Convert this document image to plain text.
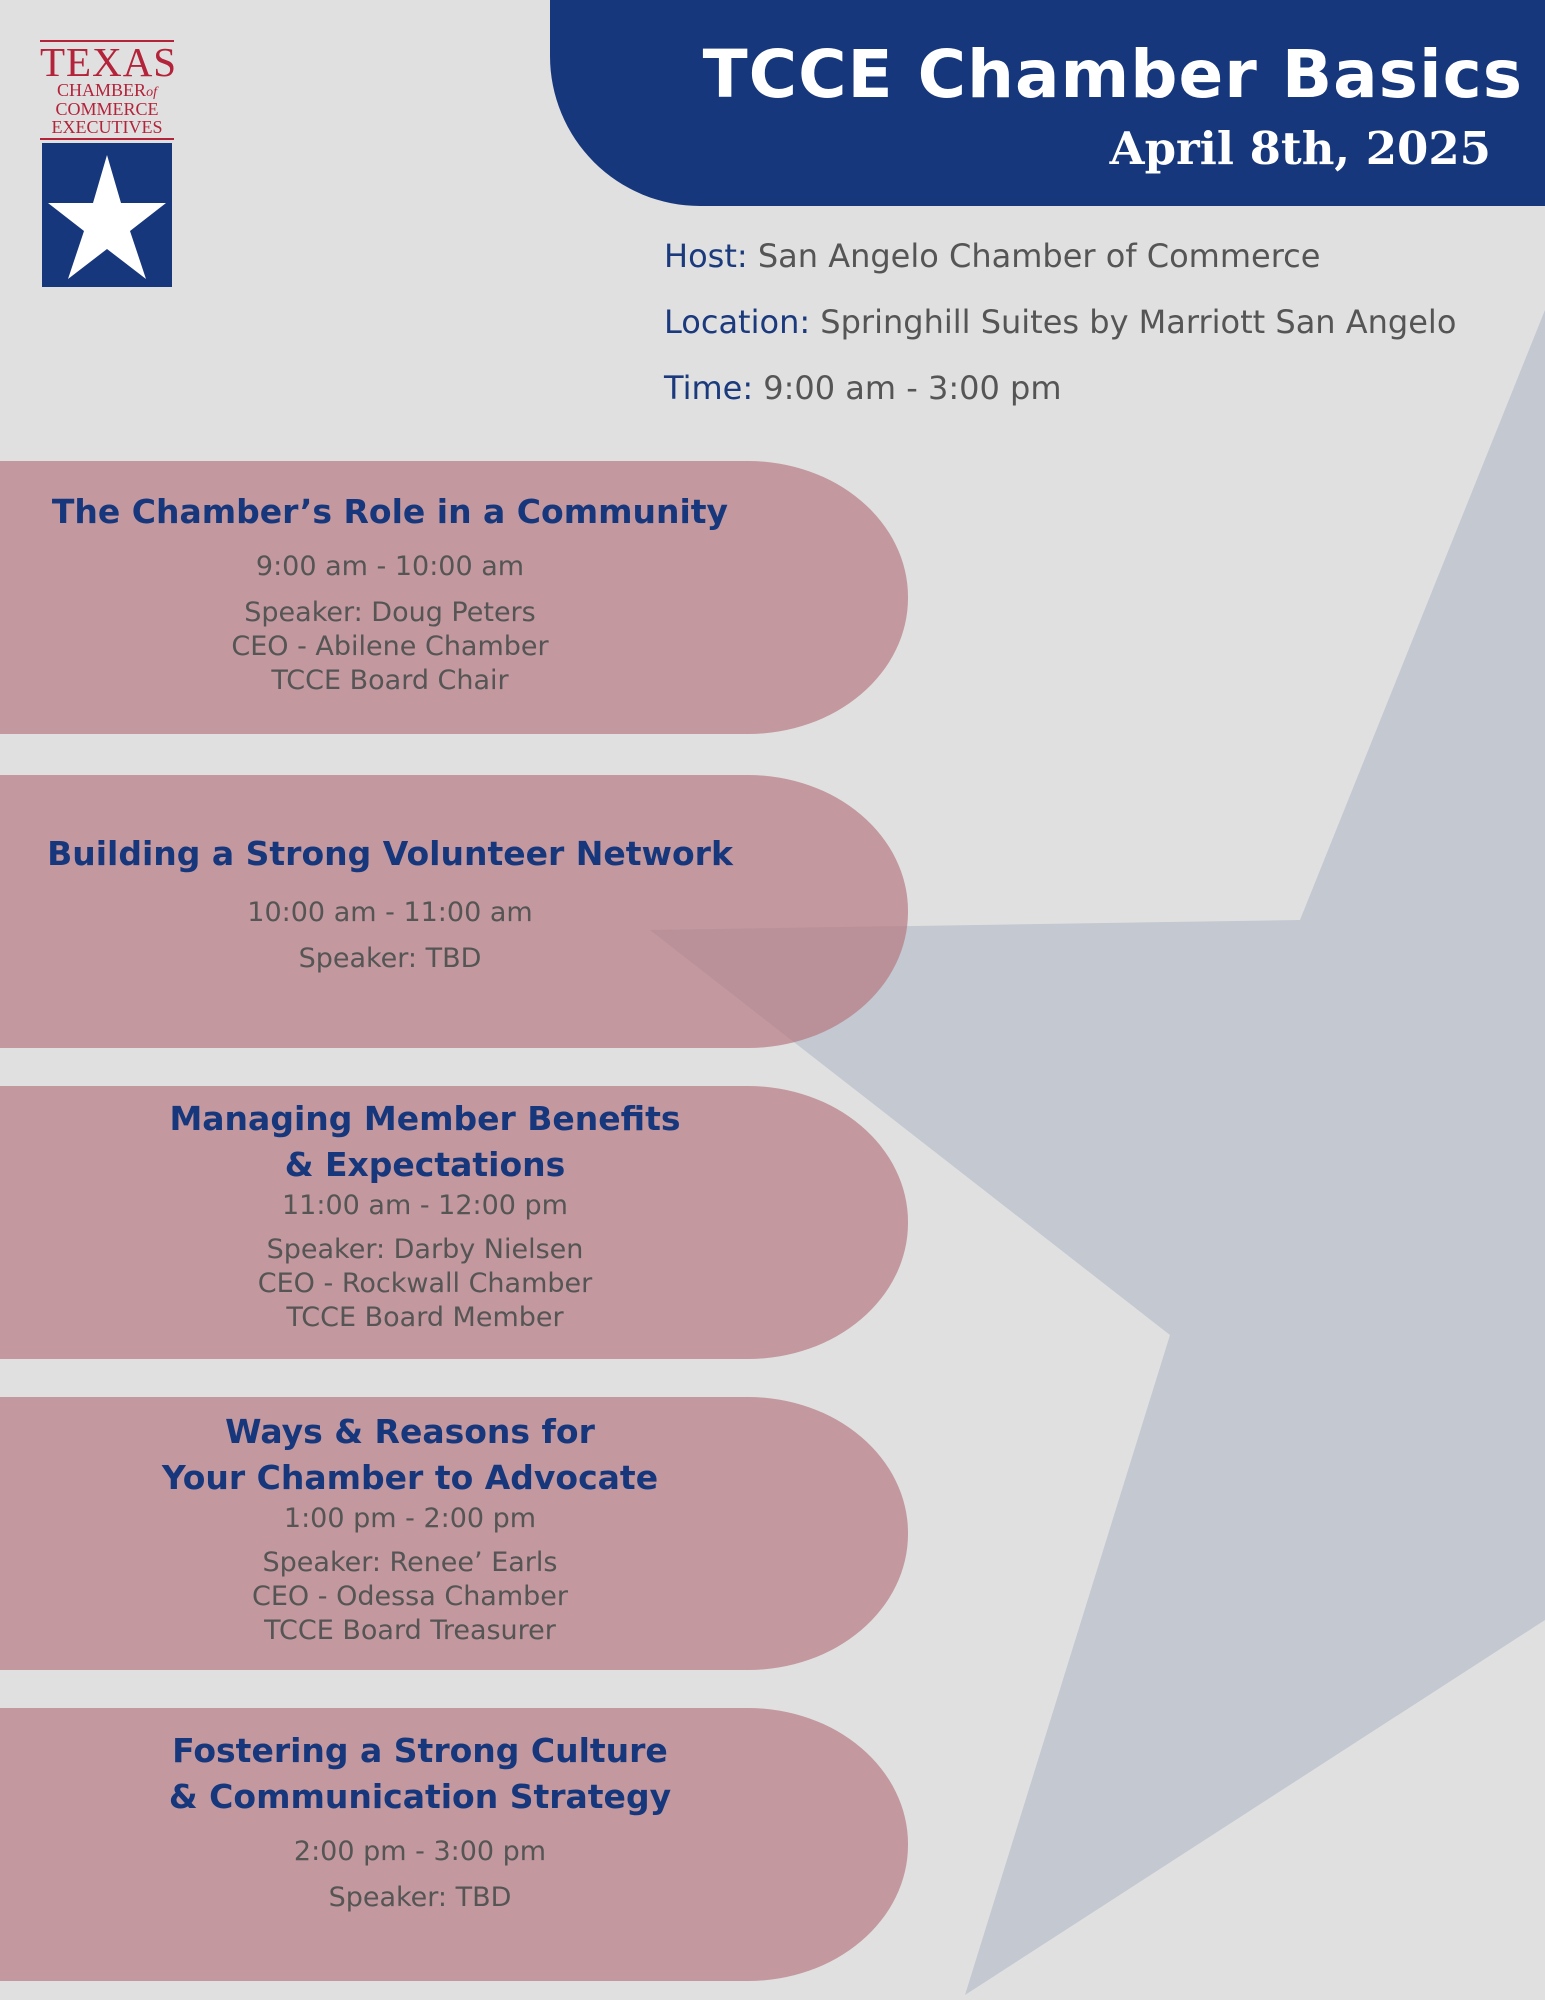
TEXAS
CHAMBERof
COMMERCE
EXECUTIVES
TCCE Chamber Basics
April 8th, 2025
Host: San Angelo Chamber of Commerce
Location: Springhill Suites by Marriott San Angelo
Time: 9:00 am - 3:00 pm
The Chamber’s Role in a Community
9:00 am - 10:00 am
Speaker: Doug Peters
CEO - Abilene Chamber
TCCE Board Chair
Building a Strong Volunteer Network
10:00 am - 11:00 am
Speaker: TBD
Managing Member Benefits
& Expectations
11:00 am - 12:00 pm
Speaker: Darby Nielsen
CEO - Rockwall Chamber
TCCE Board Member
Ways & Reasons for
Your Chamber to Advocate
1:00 pm - 2:00 pm
Speaker: Renee’ Earls
CEO - Odessa Chamber
TCCE Board Treasurer
Fostering a Strong Culture
& Communication Strategy
2:00 pm - 3:00 pm
Speaker: TBD
